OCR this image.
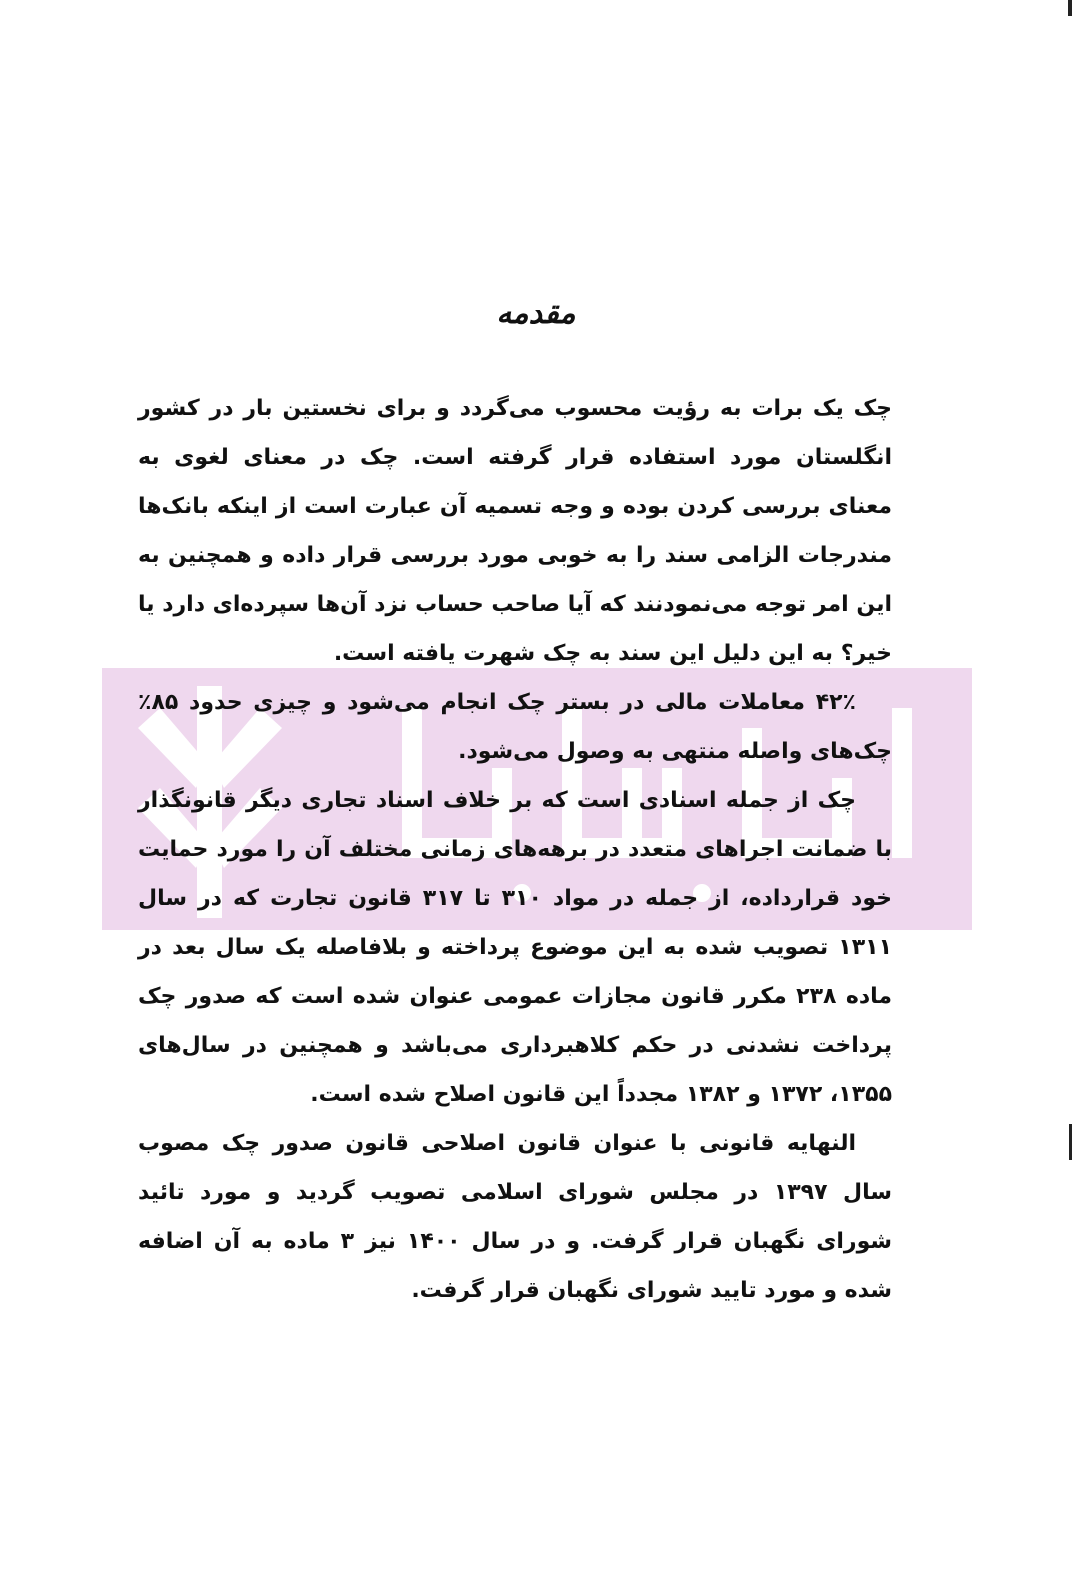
مقدمه

چک یک برات به رؤیت محسوب می‌گردد و برای نخستین بار در کشور انگلستان مورد استفاده قرار گرفته است. چک در معنای لغوی به معنای بررسی کردن بوده و وجه تسمیه آن عبارت است از اینکه بانک‌ها مندرجات الزامی سند را به خوبی مورد بررسی قرار داده و همچنین به این امر توجه می‌نمودنند که آیا صاحب حساب نزد آن‌ها سپرده‌ای دارد یا خیر؟ به این دلیل این سند به چک شهرت یافته است.

۴۲٪ معاملات مالی در بستر چک انجام می‌شود و چیزی حدود ۸۵٪ چک‌های واصله منتهی به وصول می‌شود.

چک از جمله اسنادی است که بر خلاف اسناد تجاری دیگر قانونگذار با ضمانت اجراهای متعدد در برهه‌های زمانی مختلف آن را مورد حمایت خود قرارداده، از جمله در مواد ۳۱۰ تا ۳۱۷ قانون تجارت که در سال ۱۳۱۱ تصویب شده به این موضوع پرداخته و بلافاصله یک سال بعد در ماده ۲۳۸ مکرر قانون مجازات عمومی عنوان شده است که صدور چک پرداخت نشدنی در حکم کلاهبرداری می‌باشد و همچنین در سال‌های ۱۳۵۵، ۱۳۷۲ و ۱۳۸۲ مجدداً این قانون اصلاح شده است.

النهایه قانونی با عنوان قانون اصلاحی قانون صدور چک مصوب سال ۱۳۹۷ در مجلس شورای اسلامی تصویب گردید و مورد تائید شورای نگهبان قرار گرفت. و در سال ۱۴۰۰ نیز ۳ ماده به آن اضافه شده و مورد تایید شورای نگهبان قرار گرفت.
